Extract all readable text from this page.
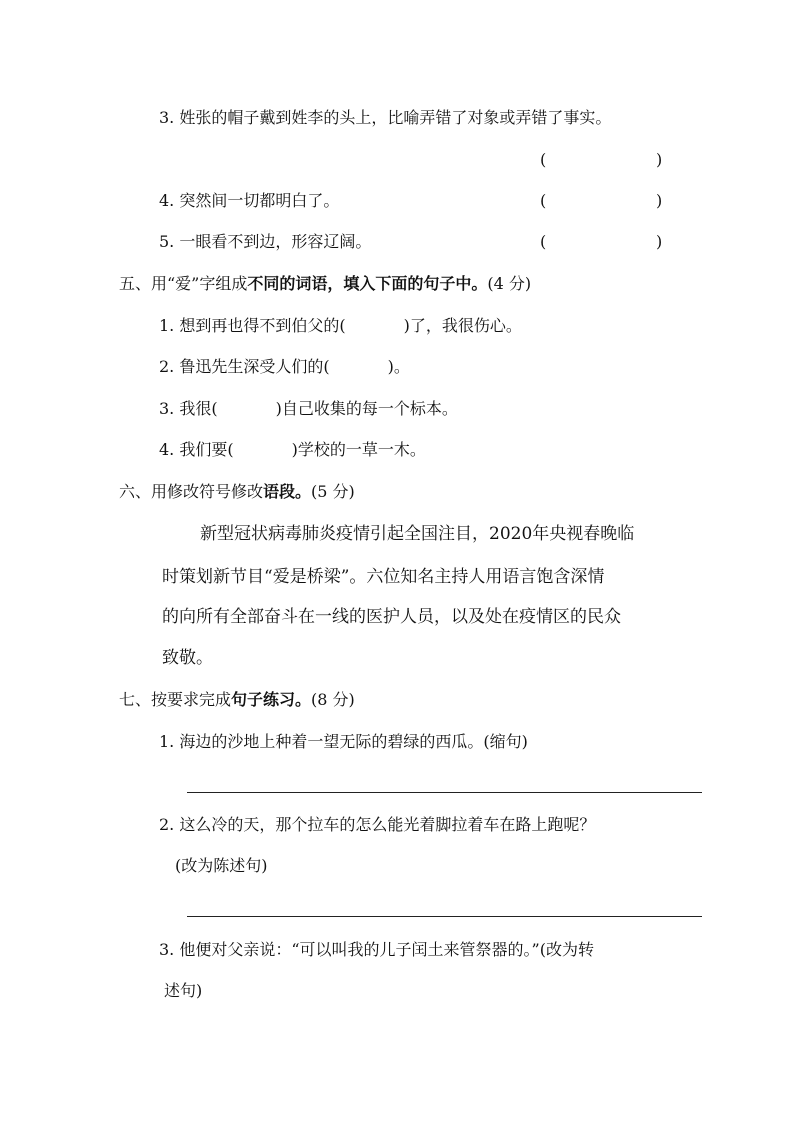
3. 姓张的帽子戴到姓李的头上，比喻弄错了对象或弄错了事实。
(	)
4. 突然间一切都明白了。	(	)
5. 一眼看不到边，形容辽阔。	(	)
五、用“爱”字组成不同的词语，填入下面的句子中。(4 分)
1. 想到再也得不到伯父的(	)了，我很伤心。
2. 鲁迅先生深受人们的(	)。
3. 我很(	)自己收集的每一个标本。
4. 我们要(	)学校的一草一木。
六、用修改符号修改语段。(5 分)
新型冠状病毒肺炎疫情引起全国注目，2020年央视春晚临
时策划新节目“爱是桥梁”。六位知名主持人用语言饱含深情
的向所有全部奋斗在一线的医护人员，以及处在疫情区的民众
致敬。
七、按要求完成句子练习。(8 分)
1. 海边的沙地上种着一望无际的碧绿的西瓜。(缩句)
2. 这么冷的天，那个拉车的怎么能光着脚拉着车在路上跑呢？
(改为陈述句)
3. 他便对父亲说：“可以叫我的儿子闰土来管祭器的。”(改为转
述句)
